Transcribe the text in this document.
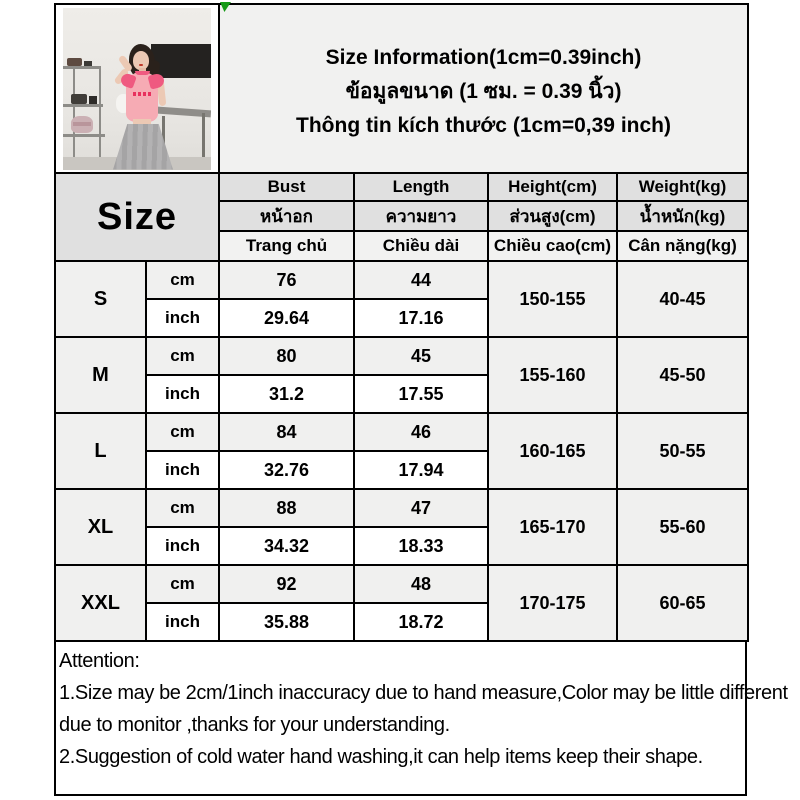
		Size Information(1cm=0.39inch)
ข้อมูลขนาด (1 ซม. = 0.39 นิ้ว)
Thông tin kích thước (1cm=0,39 inch)			

Size		Bust	Length	Height(cm)	Weight(kg)
		หน้าอก	ความยาว	ส่วนสูง(cm)	น้ำหนัก(kg)
		Trang chủ	Chiều dài	Chiều cao(cm)	Cân nặng(kg)
S	cm	76	44	150-155	40-45
	inch	29.64	17.16		
M	cm	80	45	155-160	45-50
	inch	31.2	17.55		
L	cm	84	46	160-165	50-55
	inch	32.76	17.94		
XL	cm	88	47	165-170	55-60
	inch	34.32	18.33		
XXL	cm	92	48	170-175	60-65
	inch	35.88	18.72		
Attention:
1.Size may be 2cm/1inch inaccuracy due to hand measure,Color may be little different
due to monitor ,thanks for your understanding.
2.Suggestion of cold water hand washing,it can help items keep their shape.
